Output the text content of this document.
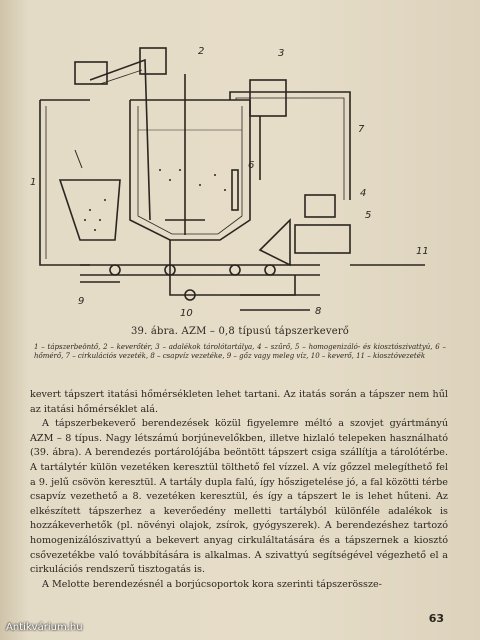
1
2	3
4
5
6
7
8
9
10
11
39. ábra. AZM – 0,8 típusú tápszerkeverő
1 – tápszerbeöntő, 2 – keverőtér, 3 – adalékok tárolótartálya, 4 – szűrő, 5 – homogenizáló- és kiosztószivattyú, 6 – hőmérő, 7 – cirkulációs vezeték, 8 – csapvíz vezetéke, 9 – gőz vagy meleg víz, 10 – keverő, 11 – kiosztóvezeték

kevert tápszert itatási hőmérsékleten lehet tartani. Az itatás során a tápszer nem hűl az itatási hőmérséklet alá.

A tápszerbekeverő berendezések közül figyelemre méltó a szovjet gyártmányú AZM – 8 típus. Nagy létszámú borjúnevelőkben, illetve hizlaló telepeken használható (39. ábra). A berendezés portárolójába beöntött tápszert csiga szállítja a tárolótérbe. A tartálytér külön vezetéken keresztül tölthető fel vízzel. A víz gőzzel melegíthető fel a 9. jelű csövön keresztül. A tartály dupla falú, így hőszigetelése jó, a fal közötti térbe csapvíz vezethető a 8. vezetéken keresztül, és így a tápszert le is lehet hűteni. Az elkészített tápszerhez a keverőedény melletti tartályból különféle adalékok is hozzákeverhetők (pl. növényi olajok, zsírok, gyógyszerek). A berendezéshez tartozó homogenizálószivattyú a bekevert anyag cirkuláltatására és a tápszernek a kiosztó csővezetékbe való továbbítására is alkalmas. A szivattyú segítségével végezhető el a cirkulációs rendszerű tisztogatás is.

A Melotte berendezésnél a borjúcsoportok kora szerinti tápszerössze-

63
Antikvárium.hu
